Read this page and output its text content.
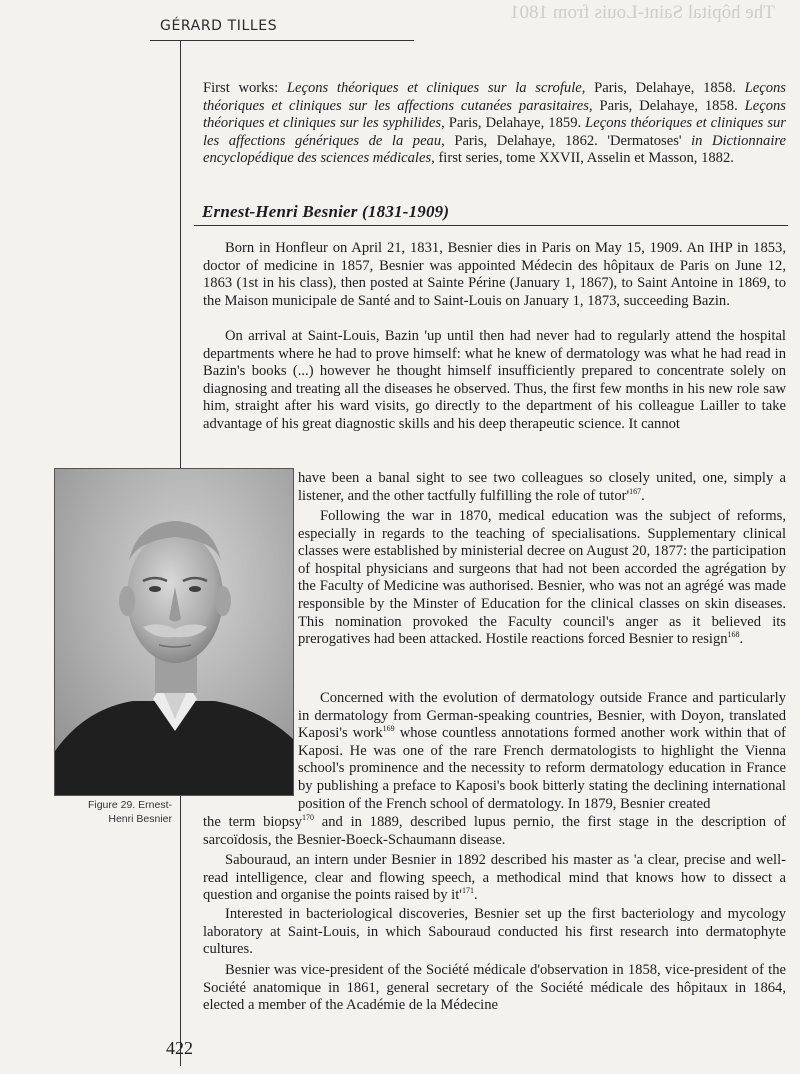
The hôpital Saint-Louis from 1801
GÉRARD TILLES

First works: Leçons théoriques et cliniques sur la scrofule, Paris, Delahaye, 1858. Leçons théoriques et cliniques sur les affections cutanées parasitaires, Paris, Delahaye, 1858. Leçons théoriques et cliniques sur les syphilides, Paris, Delahaye, 1859. Leçons théoriques et cliniques sur les affections génériques de la peau, Paris, Delahaye, 1862. 'Dermatoses' in Dictionnaire encyclopédique des sciences médicales, first series, tome XXVII, Asselin et Masson, 1882.

Ernest-Henri Besnier (1831-1909)

Born in Honfleur on April 21, 1831, Besnier dies in Paris on May 15, 1909. An IHP in 1853, doctor of medicine in 1857, Besnier was appointed Médecin des hôpitaux de Paris on June 12, 1863 (1st in his class), then posted at Sainte Périne (January 1, 1867), to Saint Antoine in 1869, to the Maison municipale de Santé and to Saint-Louis on January 1, 1873, succeeding Bazin.

On arrival at Saint-Louis, Bazin 'up until then had never had to regularly attend the hospital departments where he had to prove himself: what he knew of dermatology was what he had read in Bazin's books (...) however he thought himself insufficiently prepared to concentrate solely on diagnosing and treating all the diseases he observed. Thus, the first few months in his new role saw him, straight after his ward visits, go directly to the department of his colleague Lailler to take advantage of his great diagnostic skills and his deep therapeutic science. It cannot

Figure 29. Ernest-
Henri Besnier

have been a banal sight to see two colleagues so closely united, one, simply a listener, and the other tactfully fulfilling the role of $tutor'^{167}$.

Following the war in 1870, medical education was the subject of reforms, especially in regards to the teaching of specialisations. Supplementary clinical classes were established by ministerial decree on August 20, 1877: the participation of hospital physicians and surgeons that had not been accorded the agrégation by the Faculty of Medicine was authorised. Besnier, who was not an agrégé was made responsible by the Minster of Education for the clinical classes on skin diseases. This nomination provoked the Faculty council's anger as it believed its prerogatives had been attacked. Hostile reactions forced Besnier to resign$^{168}$.

Concerned with the evolution of dermatology outside France and particularly in dermatology from German-speaking countries, Besnier, with Doyon, translated Kaposi's work$^{169}$ whose countless annotations formed another work within that of Kaposi. He was one of the rare French dermatologists to highlight the Vienna school's prominence and the necessity to reform dermatology education in France by publishing a preface to Kaposi's book bitterly stating the declining international position of the French school of dermatology. In 1879, Besnier created

the term biopsy$^{170}$ and in 1889, described lupus pernio, the first stage in the description of sarcoïdosis, the Besnier-Boeck-Schaumann disease.

Sabouraud, an intern under Besnier in 1892 described his master as 'a clear, precise and well-read intelligence, clear and flowing speech, a methodical mind that knows how to dissect a question and organise the points raised by $it'^{171}$.

Interested in bacteriological discoveries, Besnier set up the first bacteriology and mycology laboratory at Saint-Louis, in which Sabouraud conducted his first research into dermatophyte cultures.

Besnier was vice-president of the Société médicale d'observation in 1858, vice-president of the Société anatomique in 1861, general secretary of the Société médicale des hôpitaux in 1864, elected a member of the Académie de la Médecine

422
